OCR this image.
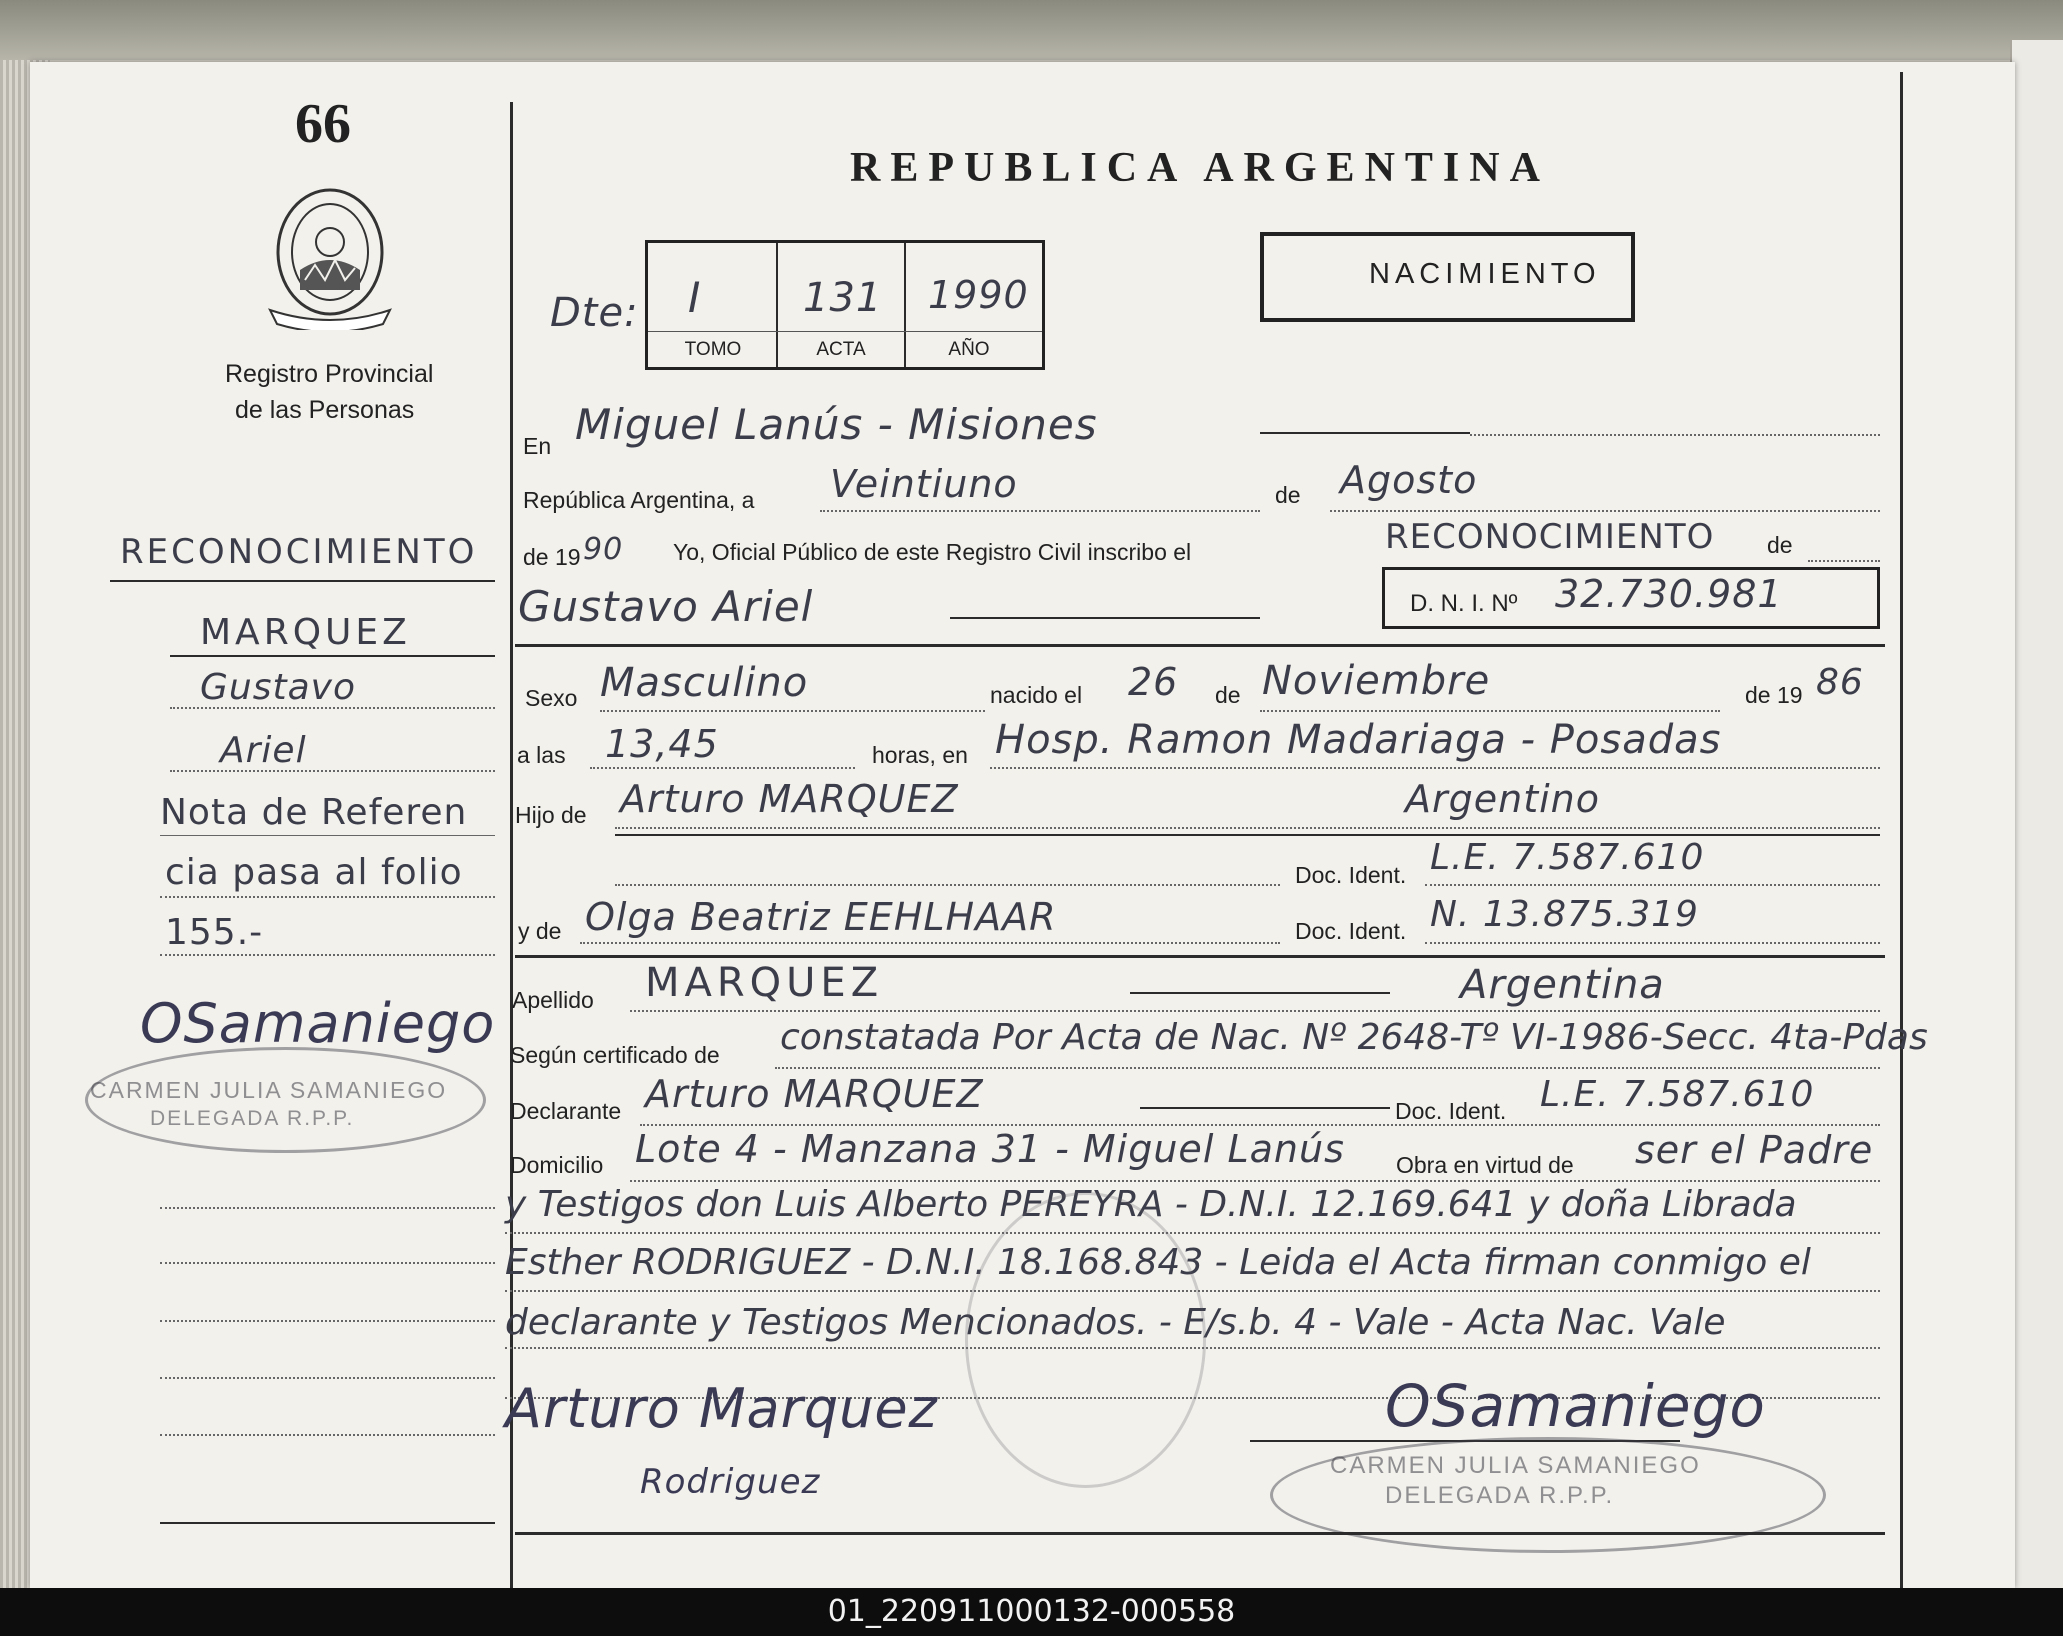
66
Registro Provincial
de las Personas
REPUBLICA ARGENTINA
NACIMIENTO
Dte: I	131 1990
TOMO	ACTA	AÑO
RECONOCIMIENTO
MARQUEZ
Gustavo
Ariel
Nota de Referen
cia pasa al folio
155.-
OSamaniego
CARMEN JULIA SAMANIEGO
DELEGADA R.P.P.
En Miguel Lanús - Misiones
República Argentina, a Veintiuno	de Agosto
de 19 90 Yo, Oficial Público de este Registro Civil inscribo el	RECONOCIMIENTO de
Gustavo Ariel	D. N. I. Nº 32.730.981
Sexo Masculino	nacido el 26 de Noviembre	de 19 86
a las 13,45	horas, en Hosp. Ramon Madariaga - Posadas
Hijo de Arturo MARQUEZ	Argentino
Doc. Ident. L.E. 7.587.610
y de Olga Beatriz EEHLHAAR	Doc. Ident. N. 13.875.319
Apellido MARQUEZ	Argentina
Según certificado de constatada Por Acta de Nac. Nº 2648-Tº VI-1986-Secc. 4ta-Pdas
Declarante Arturo MARQUEZ	Doc. Ident. L.E. 7.587.610
Domicilio Lote 4 - Manzana 31 - Miguel Lanús Obra en virtud de ser el Padre
y Testigos don Luis Alberto PEREYRA - D.N.I. 12.169.641 y doña Librada
Esther RODRIGUEZ - D.N.I. 18.168.843 - Leida el Acta firman conmigo el
declarante y Testigos Mencionados. - E/s.b. 4 - Vale - Acta Nac. Vale
Arturo Marquez
Rodriguez
OSamaniego
CARMEN JULIA SAMANIEGO
DELEGADA R.P.P.
01_220911000132-000558
